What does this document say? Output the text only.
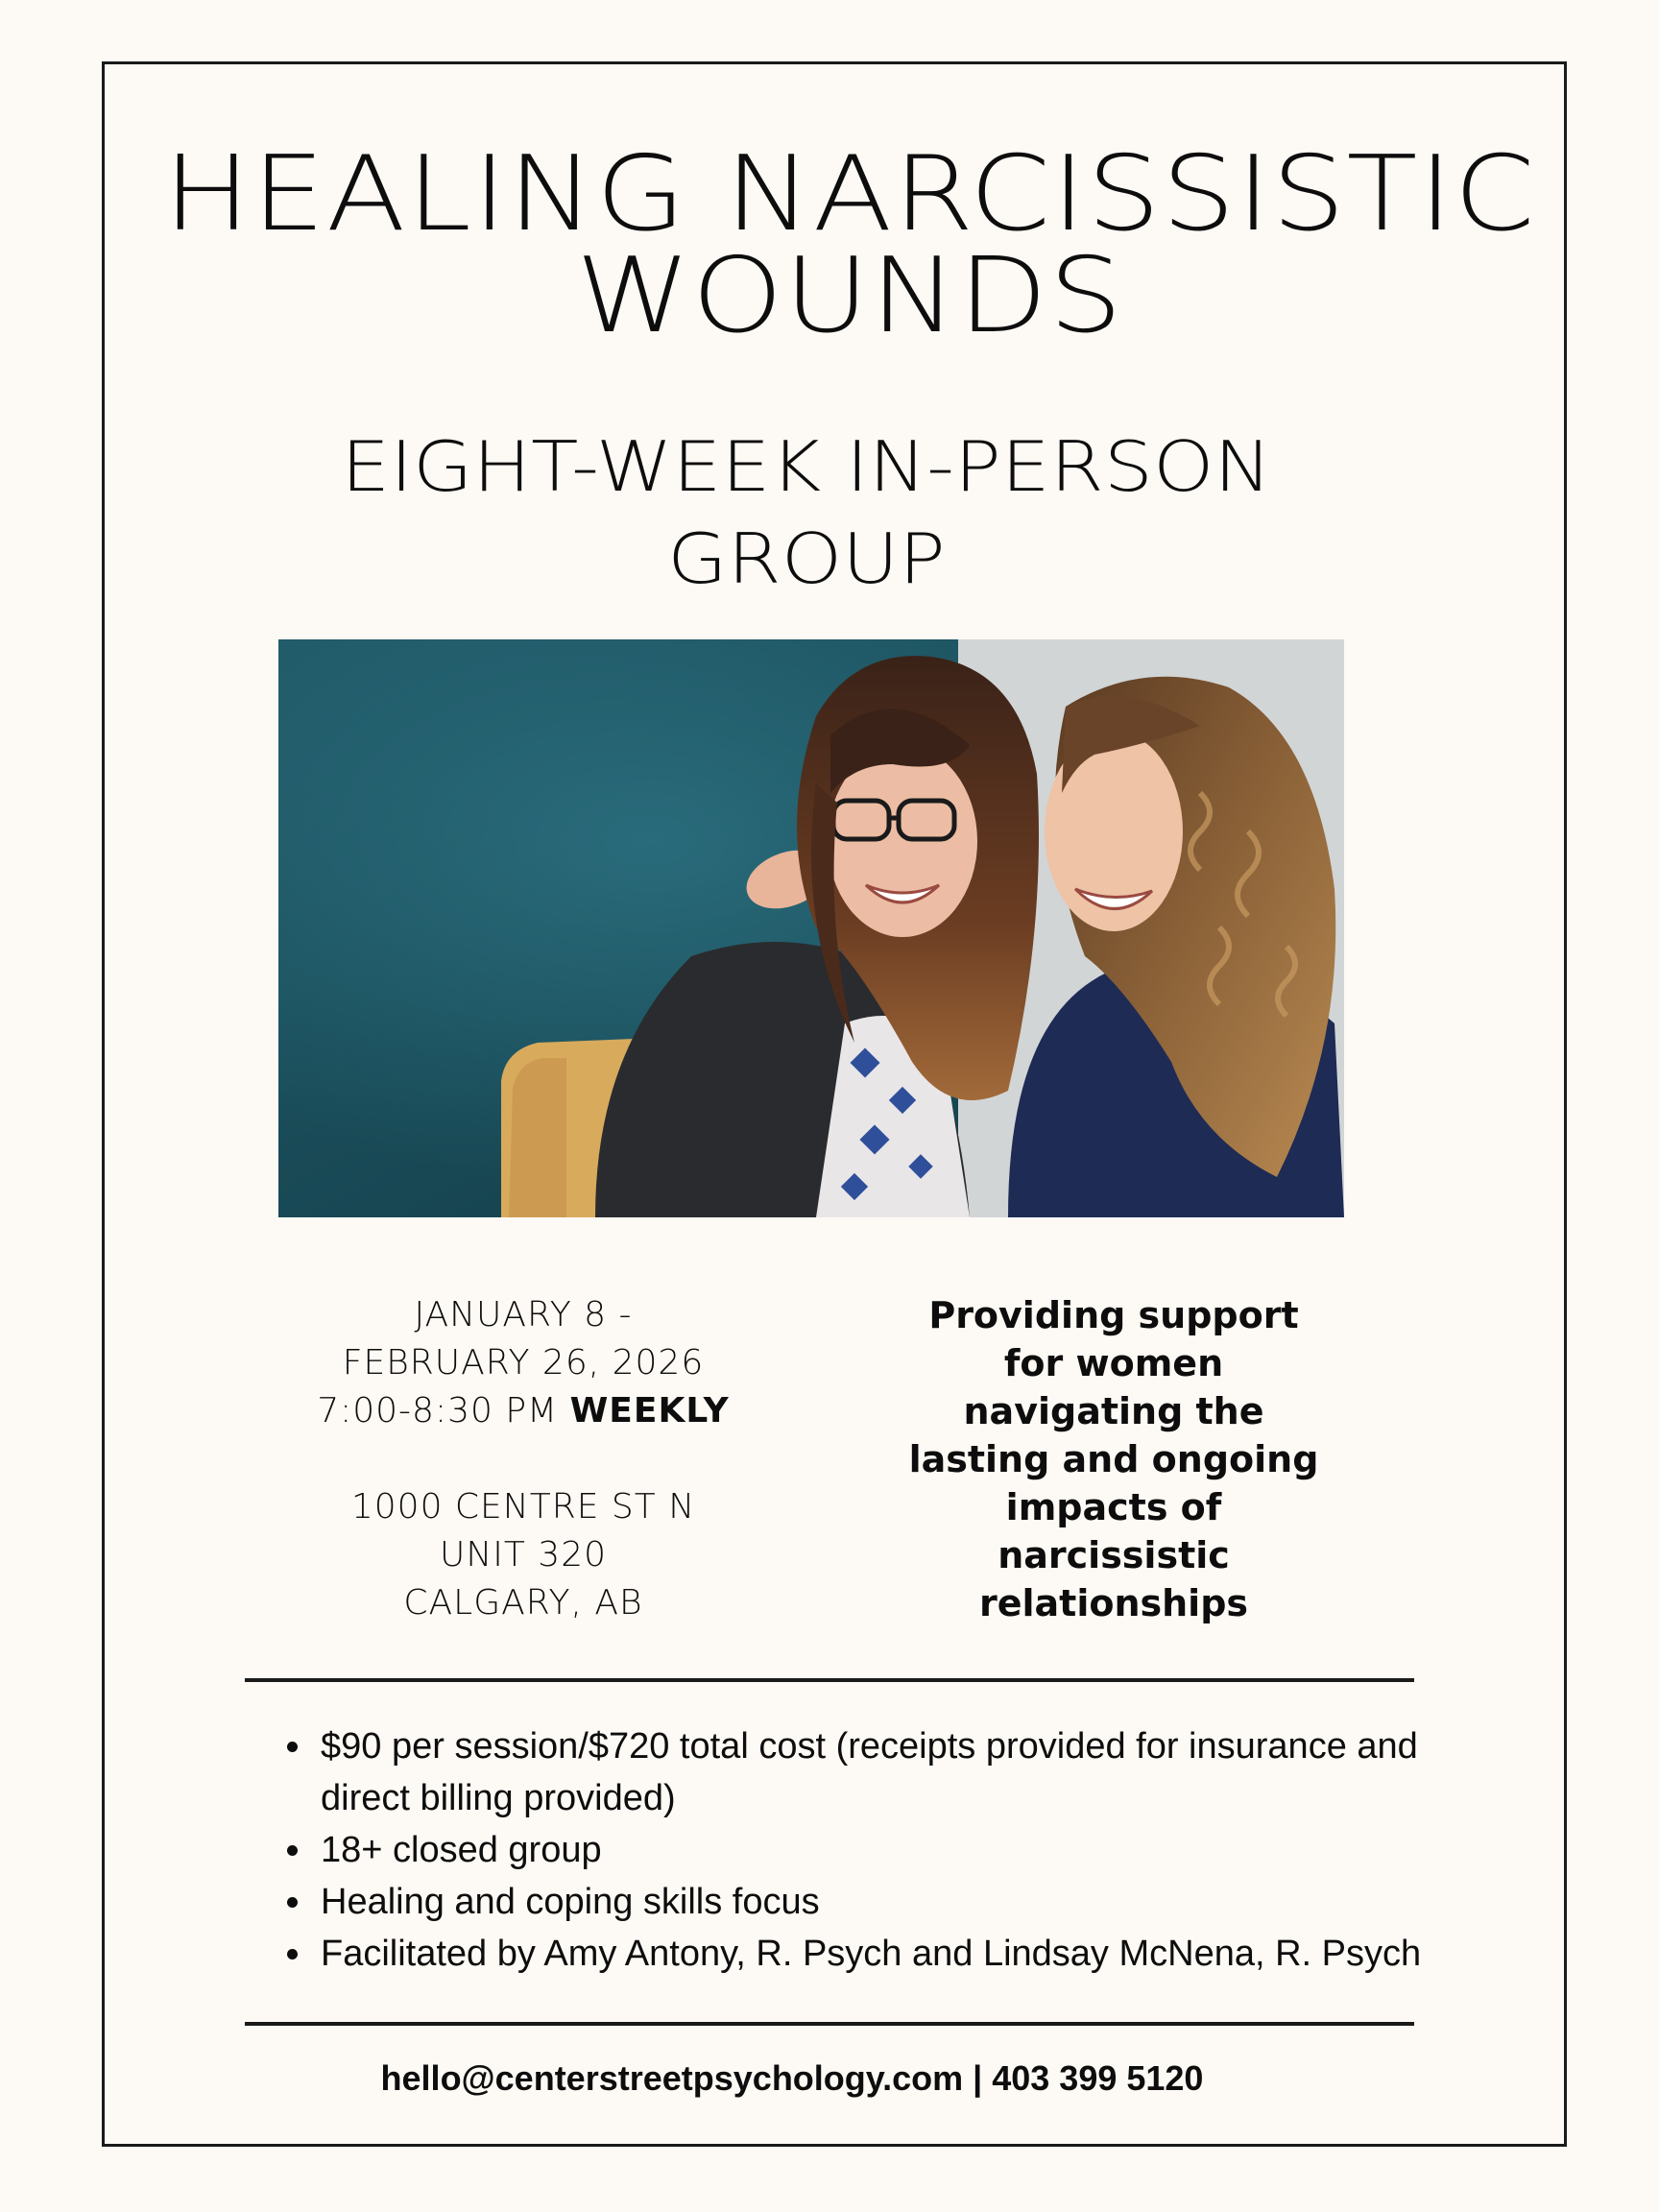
HEALING NARCISSISTIC
WOUNDS
EIGHT-WEEK IN-PERSON
GROUP
JANUARY 8 -
FEBRUARY 26, 2026
7:00-8:30 PM WEEKLY
1000 CENTRE ST N
UNIT 320
CALGARY, AB

Providing support
for women
navigating the
lasting and ongoing
impacts of
narcissistic
relationships

• $90 per session/$720 total cost (receipts provided for insurance and direct billing provided)
• 18+ closed group
• Healing and coping skills focus
• Facilitated by Amy Antony, R. Psych and Lindsay McNena, R. Psych
hello@centerstreetpsychology.com | 403 399 5120
